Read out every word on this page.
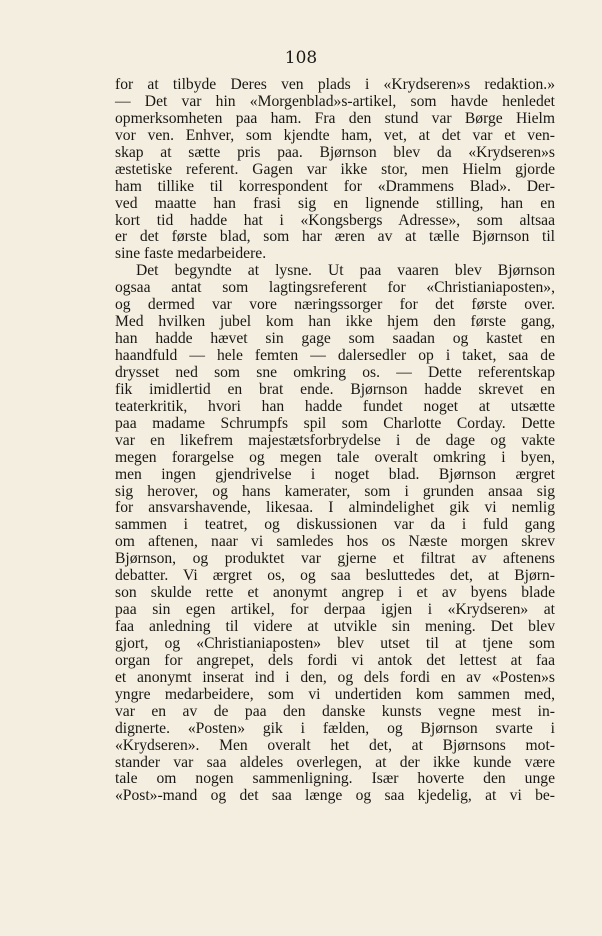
108
for at tilbyde Deres ven plads i «Krydseren»s redaktion.»
— Det var hin «Morgenblad»s-artikel, som havde henledet
opmerksomheten paa ham. Fra den stund var Børge Hielm
vor ven. Enhver, som kjendte ham, vet, at det var et ven-
skap at sætte pris paa. Bjørnson blev da «Krydseren»s
æstetiske referent. Gagen var ikke stor, men Hielm gjorde
ham tillike til korrespondent for «Drammens Blad». Der-
ved maatte han frasi sig en lignende stilling, han en
kort tid hadde hat i «Kongsbergs Adresse», som altsaa
er det første blad, som har æren av at tælle Bjørnson til
sine faste medarbeidere.
Det begyndte at lysne. Ut paa vaaren blev Bjørnson
ogsaa antat som lagtingsreferent for «Christianiaposten»,
og dermed var vore næringssorger for det første over.
Med hvilken jubel kom han ikke hjem den første gang,
han hadde hævet sin gage som saadan og kastet en
haandfuld — hele femten — dalersedler op i taket, saa de
drysset ned som sne omkring os. — Dette referentskap
fik imidlertid en brat ende. Bjørnson hadde skrevet en
teaterkritik, hvori han hadde fundet noget at utsætte
paa madame Schrumpfs spil som Charlotte Corday. Dette
var en likefrem majestætsforbrydelse i de dage og vakte
megen forargelse og megen tale overalt omkring i byen,
men ingen gjendrivelse i noget blad. Bjørnson ærgret
sig herover, og hans kamerater, som i grunden ansaa sig
for ansvarshavende, likesaa. I almindelighet gik vi nemlig
sammen i teatret, og diskussionen var da i fuld gang
om aftenen, naar vi samledes hos os Næste morgen skrev
Bjørnson, og produktet var gjerne et filtrat av aftenens
debatter. Vi ærgret os, og saa besluttedes det, at Bjørn-
son skulde rette et anonymt angrep i et av byens blade
paa sin egen artikel, for derpaa igjen i «Krydseren» at
faa anledning til videre at utvikle sin mening. Det blev
gjort, og «Christianiaposten» blev utset til at tjene som
organ for angrepet, dels fordi vi antok det lettest at faa
et anonymt inserat ind i den, og dels fordi en av «Posten»s
yngre medarbeidere, som vi undertiden kom sammen med,
var en av de paa den danske kunsts vegne mest in-
dignerte. «Posten» gik i fælden, og Bjørnson svarte i
«Krydseren». Men overalt het det, at Bjørnsons mot-
stander var saa aldeles overlegen, at der ikke kunde være
tale om nogen sammenligning. Især hoverte den unge
«Post»-mand og det saa længe og saa kjedelig, at vi be-
